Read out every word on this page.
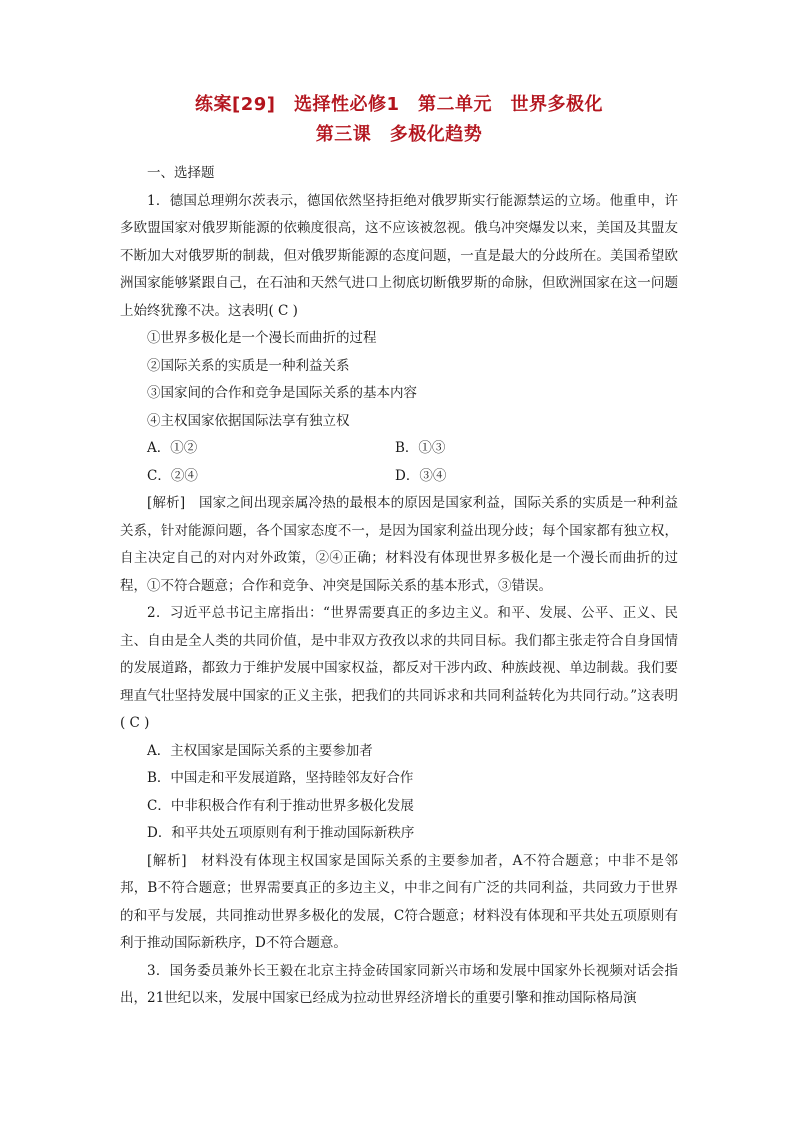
练案[29]　选择性必修1　第二单元　世界多极化
第三课　多极化趋势
一、选择题

1．德国总理朔尔茨表示，德国依然坚持拒绝对俄罗斯实行能源禁运的立场。他重申，许多欧盟国家对俄罗斯能源的依赖度很高，这不应该被忽视。俄乌冲突爆发以来，美国及其盟友不断加大对俄罗斯的制裁，但对俄罗斯能源的态度问题，一直是最大的分歧所在。美国希望欧洲国家能够紧跟自己，在石油和天然气进口上彻底切断俄罗斯的命脉，但欧洲国家在这一问题上始终犹豫不决。这表明( C )

①世界多极化是一个漫长而曲折的过程
②国际关系的实质是一种利益关系
③国家间的合作和竞争是国际关系的基本内容
④主权国家依据国际法享有独立权
A．①②	B．①③
C．②④	D．③④

[解析]　国家之间出现亲属冷热的最根本的原因是国家利益，国际关系的实质是一种利益关系，针对能源问题，各个国家态度不一，是因为国家利益出现分歧；每个国家都有独立权，自主决定自己的对内对外政策，②④正确；材料没有体现世界多极化是一个漫长而曲折的过程，①不符合题意；合作和竞争、冲突是国际关系的基本形式，③错误。

2．习近平总书记主席指出：“世界需要真正的多边主义。和平、发展、公平、正义、民主、自由是全人类的共同价值，是中非双方孜孜以求的共同目标。我们都主张走符合自身国情的发展道路，都致力于维护发展中国家权益，都反对干涉内政、种族歧视、单边制裁。我们要理直气壮坚持发展中国家的正义主张，把我们的共同诉求和共同利益转化为共同行动。”这表明( C )

A．主权国家是国际关系的主要参加者
B．中国走和平发展道路，坚持睦邻友好合作
C．中非积极合作有利于推动世界多极化发展
D．和平共处五项原则有利于推动国际新秩序

[解析]　材料没有体现主权国家是国际关系的主要参加者，A不符合题意；中非不是邻邦，B不符合题意；世界需要真正的多边主义，中非之间有广泛的共同利益，共同致力于世界的和平与发展，共同推动世界多极化的发展，C符合题意；材料没有体现和平共处五项原则有利于推动国际新秩序，D不符合题意。

3．国务委员兼外长王毅在北京主持金砖国家同新兴市场和发展中国家外长视频对话会指出，21世纪以来，发展中国家已经成为拉动世界经济增长的重要引擎和推动国际格局演
